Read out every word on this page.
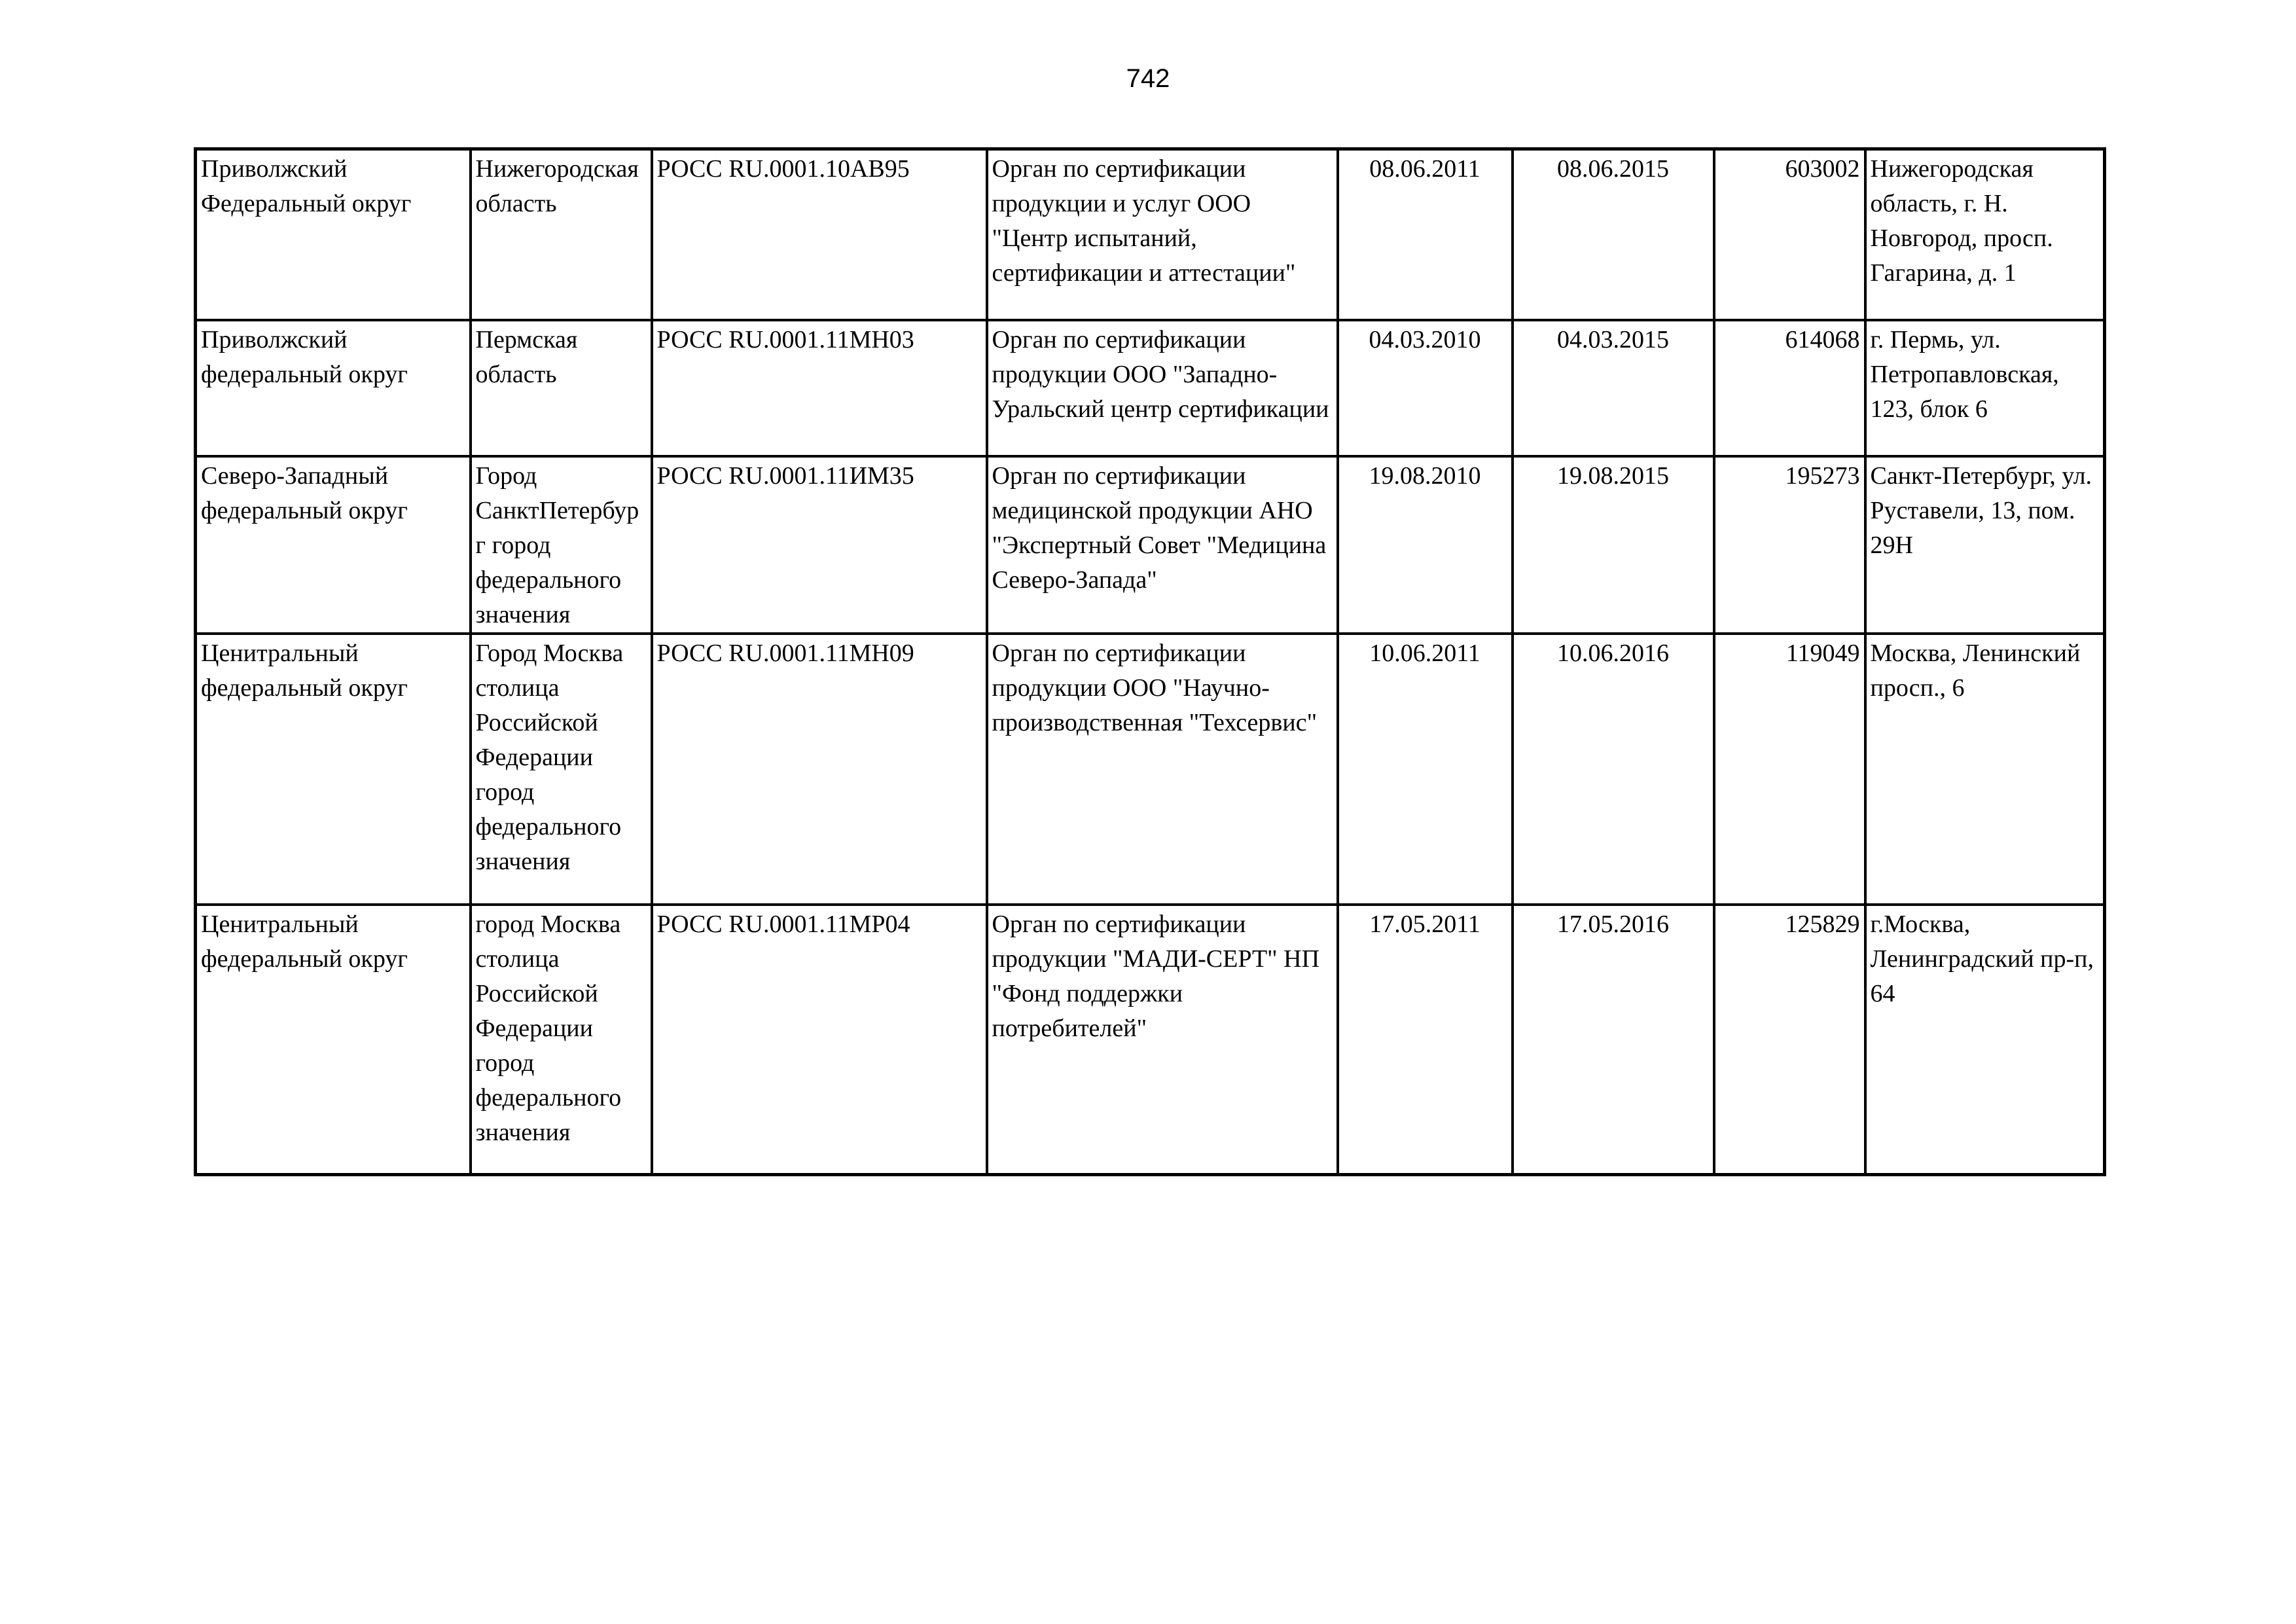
742
Приволжский Федеральный округ	Нижегородская область	РОСС RU.0001.10АВ95	Орган по сертификации продукции и услуг ООО "Центр испытаний, сертификации и аттестации"	08.06.2011	08.06.2015	603002	Нижегородская область, г. Н. Новгород, просп. Гагарина, д. 1
Приволжский федеральный округ	Пермская область	РОСС RU.0001.11МН03	Орган по сертификации продукции ООО "Западно-Уральский центр сертификации	04.03.2010	04.03.2015	614068	г. Пермь, ул. Петропавловская, 123, блок 6
Северо-Западный федеральный округ	Город СанктПетербург город федерального значения	РОСС RU.0001.11ИМ35	Орган по сертификации медицинской продукции АНО "Экспертный Совет "Медицина Северо-Запада"	19.08.2010	19.08.2015	195273	Санкт-Петербург, ул. Руставели, 13, пом. 29Н
Ценитральный федеральный округ	Город Москва столица Российской Федерации город федерального значения	РОСС RU.0001.11МН09	Орган по сертификации продукции ООО "Научно-производственная "Техсервис"	10.06.2011	10.06.2016	119049	Москва, Ленинский просп., 6
Ценитральный федеральный округ	город Москва столица Российской Федерации город федерального значения	РОСС RU.0001.11МР04	Орган по сертификации продукции "МАДИ-СЕРТ" НП "Фонд поддержки потребителей"	17.05.2011	17.05.2016	125829	г.Москва, Ленинградский пр-п, 64
